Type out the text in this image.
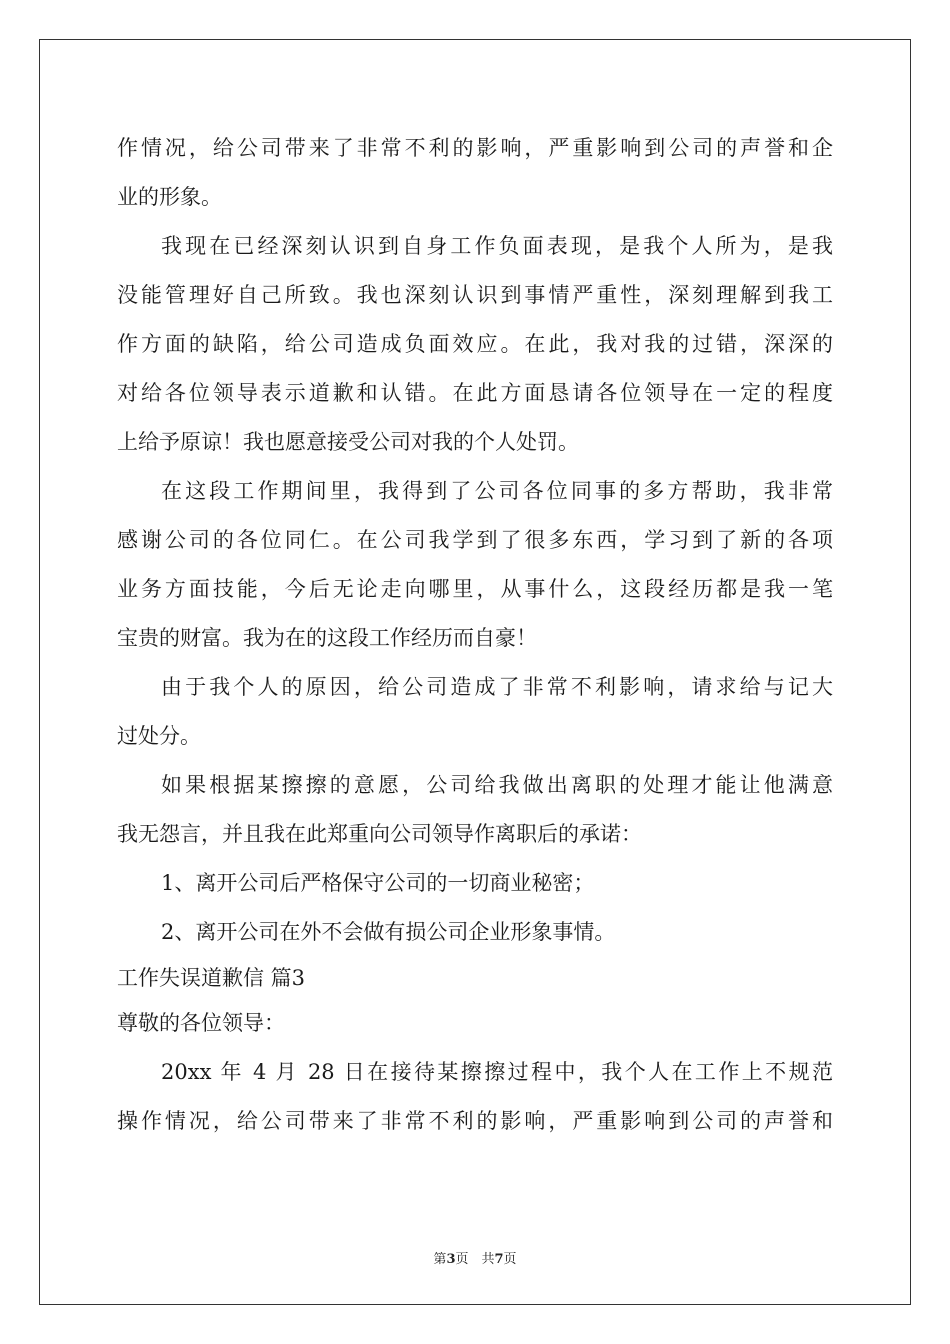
作情况，给公司带来了非常不利的影响，严重影响到公司的声誉和企
业的形象。
我现在已经深刻认识到自身工作负面表现，是我个人所为，是我
没能管理好自己所致。我也深刻认识到事情严重性，深刻理解到我工
作方面的缺陷，给公司造成负面效应。在此，我对我的过错，深深的
对给各位领导表示道歉和认错。在此方面恳请各位领导在一定的程度
上给予原谅！我也愿意接受公司对我的个人处罚。
在这段工作期间里，我得到了公司各位同事的多方帮助，我非常
感谢公司的各位同仁。在公司我学到了很多东西，学习到了新的各项
业务方面技能，今后无论走向哪里，从事什么，这段经历都是我一笔
宝贵的财富。我为在的这段工作经历而自豪！
由于我个人的原因，给公司造成了非常不利影响，请求给与记大
过处分。
如果根据某擦擦的意愿，公司给我做出离职的处理才能让他满意
我无怨言，并且我在此郑重向公司领导作离职后的承诺：
1、离开公司后严格保守公司的一切商业秘密；
2、离开公司在外不会做有损公司企业形象事情。
工作失误道歉信 篇3
尊敬的各位领导：
20xx 年 4 月 28 日在接待某擦擦过程中，我个人在工作上不规范
操作情况，给公司带来了非常不利的影响，严重影响到公司的声誉和
第3页　共7页
